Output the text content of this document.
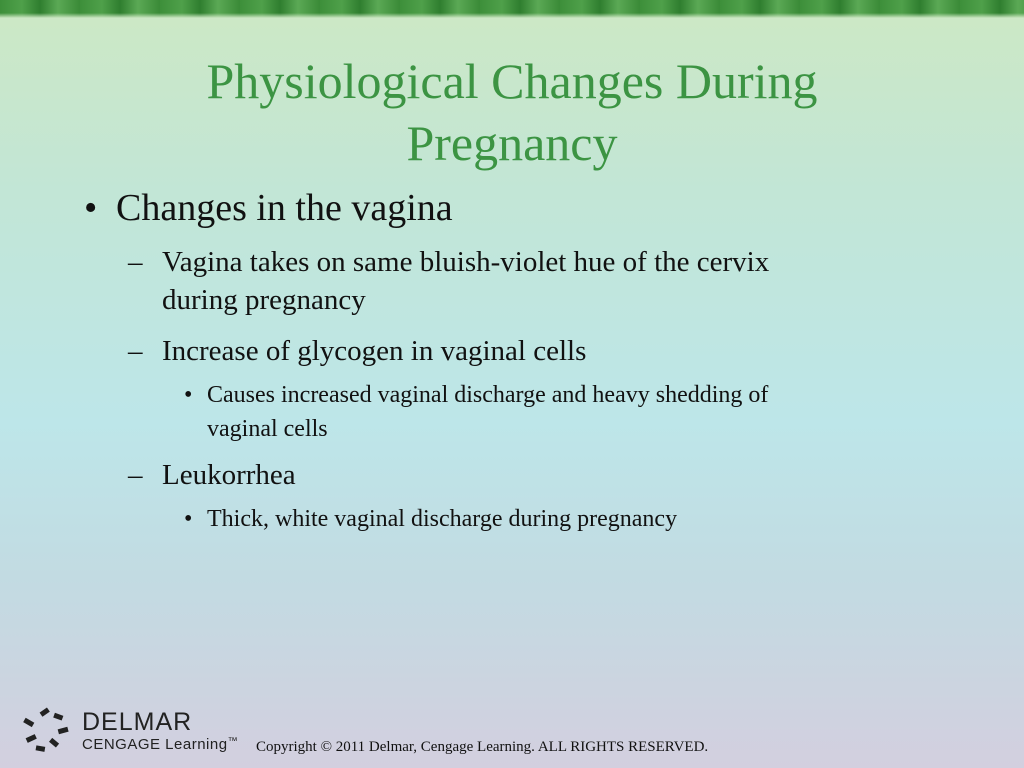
Physiological Changes During
Pregnancy
• Changes in the vagina
– Vagina takes on same bluish-violet hue of the cervix
during pregnancy
– Increase of glycogen in vaginal cells
• Causes increased vaginal discharge and heavy shedding of
vaginal cells
– Leukorrhea
• Thick, white vaginal discharge during pregnancy
DELMAR
CENGAGE Learning™ Copyright © 2011 Delmar, Cengage Learning. ALL RIGHTS RESERVED.
